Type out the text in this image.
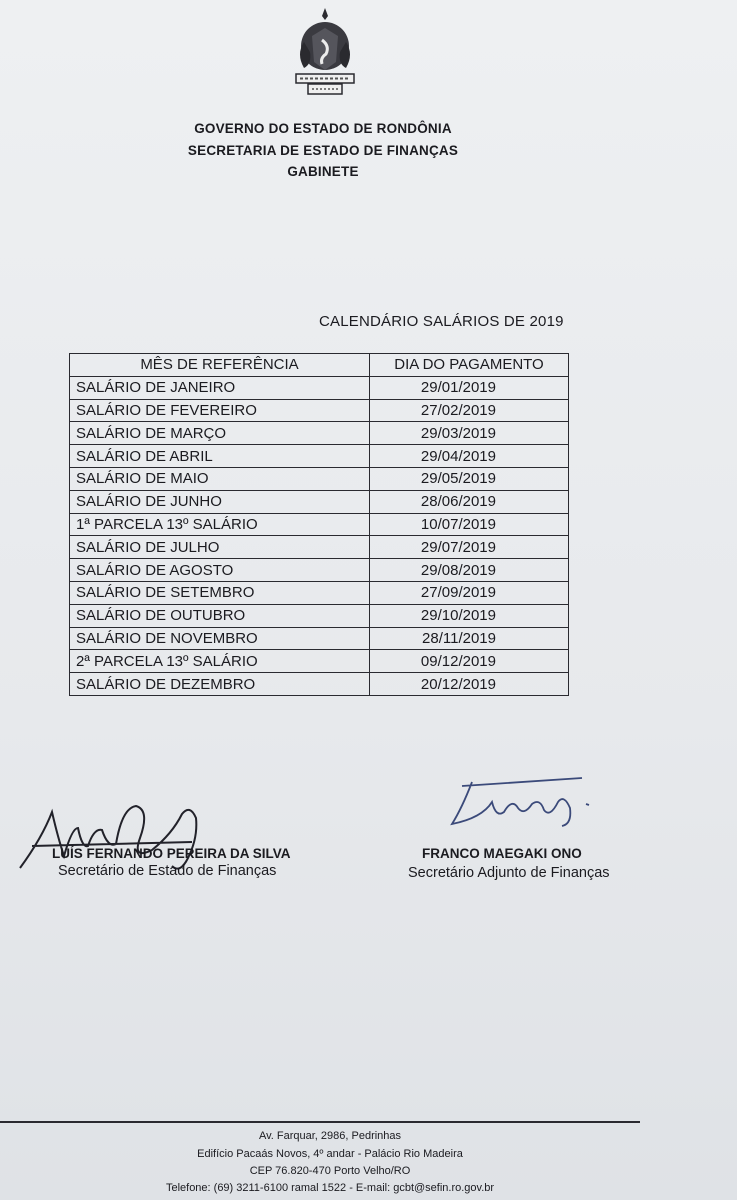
GOVERNO DO ESTADO DE RONDÔNIA
SECRETARIA DE ESTADO DE FINANÇAS
GABINETE
CALENDÁRIO SALÁRIOS DE 2019
MÊS DE REFERÊNCIA	DIA DO PAGAMENTO
SALÁRIO DE JANEIRO	29/01/2019
SALÁRIO DE FEVEREIRO	27/02/2019
SALÁRIO DE MARÇO	29/03/2019
SALÁRIO DE ABRIL	29/04/2019
SALÁRIO DE MAIO	29/05/2019
SALÁRIO DE JUNHO	28/06/2019
1ª PARCELA 13º SALÁRIO	10/07/2019
SALÁRIO DE JULHO	29/07/2019
SALÁRIO DE AGOSTO	29/08/2019
SALÁRIO DE SETEMBRO	27/09/2019
SALÁRIO DE OUTUBRO	29/10/2019
SALÁRIO DE NOVEMBRO	28/11/2019
2ª PARCELA 13º SALÁRIO	09/12/2019
SALÁRIO DE DEZEMBRO	20/12/2019
LUÍS FERNANDO PEREIRA DA SILVA
Secretário de Estado de Finanças
FRANCO MAEGAKI ONO
Secretário Adjunto de Finanças
Av. Farquar, 2986, Pedrinhas
Edifício Pacaás Novos, 4º andar - Palácio Rio Madeira
CEP 76.820-470 Porto Velho/RO
Telefone: (69) 3211-6100 ramal 1522 - E-mail: gcbt@sefin.ro.gov.br
